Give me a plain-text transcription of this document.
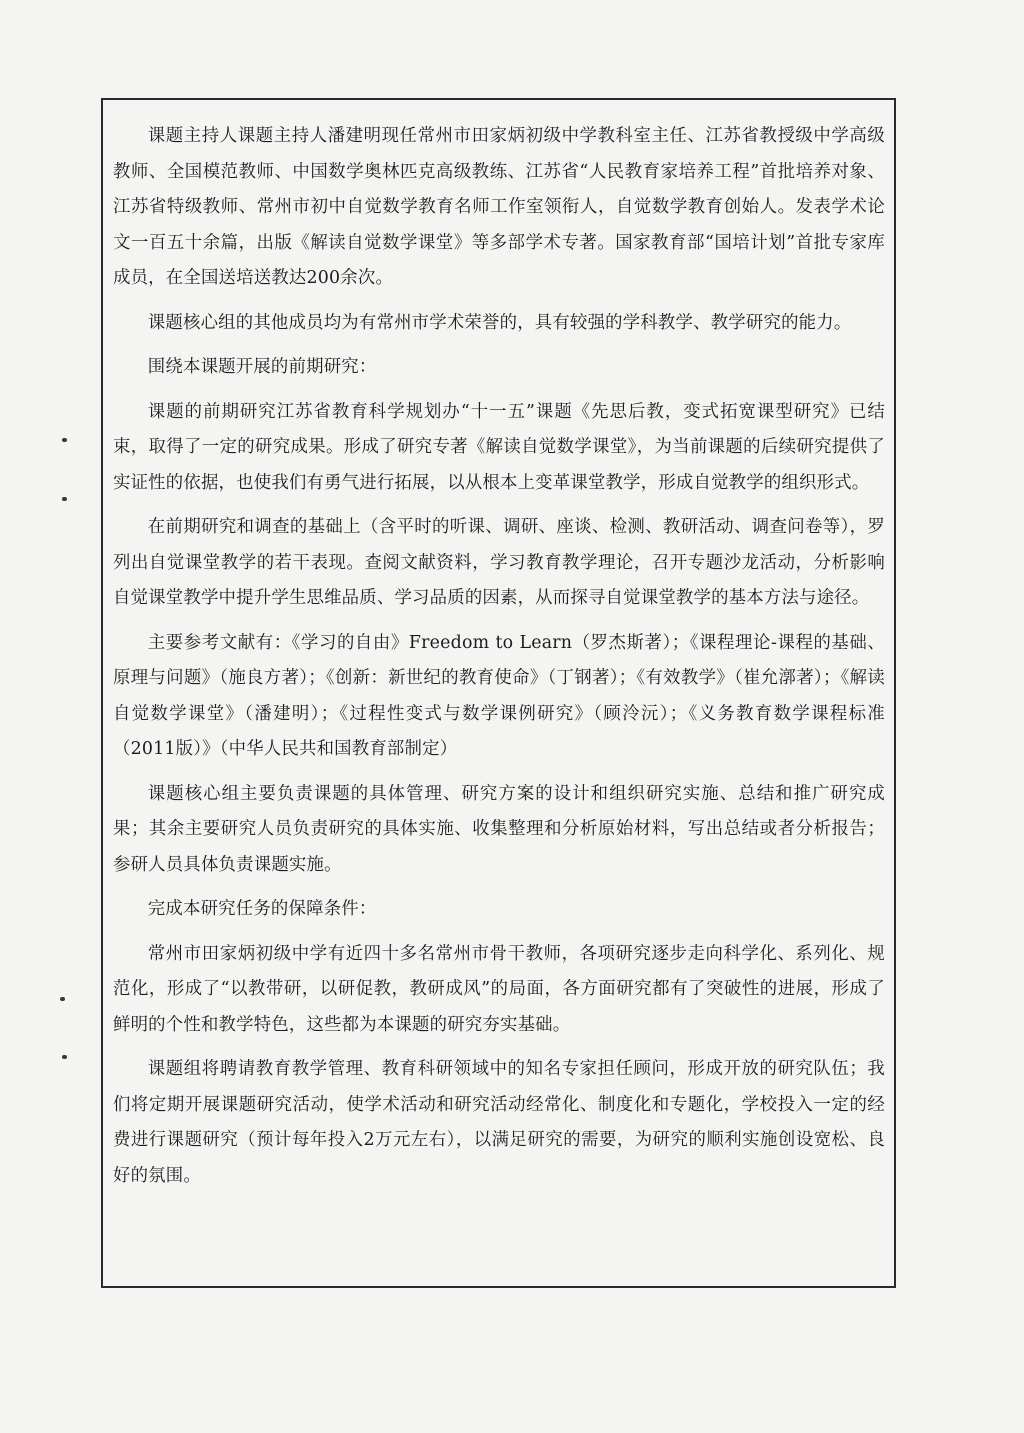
课题主持人课题主持人潘建明现任常州市田家炳初级中学教科室主任、江苏省教授级中学高级教师、全国模范教师、中国数学奥林匹克高级教练、江苏省“人民教育家培养工程”首批培养对象、江苏省特级教师、常州市初中自觉数学教育名师工作室领衔人，自觉数学教育创始人。发表学术论文一百五十余篇，出版《解读自觉数学课堂》等多部学术专著。国家教育部“国培计划”首批专家库成员，在全国送培送教达200余次。

课题核心组的其他成员均为有常州市学术荣誉的，具有较强的学科教学、教学研究的能力。

围绕本课题开展的前期研究：

课题的前期研究江苏省教育科学规划办“十一五”课题《先思后教，变式拓宽课型研究》已结束，取得了一定的研究成果。形成了研究专著《解读自觉数学课堂》，为当前课题的后续研究提供了实证性的依据，也使我们有勇气进行拓展，以从根本上变革课堂教学，形成自觉教学的组织形式。

在前期研究和调查的基础上（含平时的听课、调研、座谈、检测、教研活动、调查问卷等），罗列出自觉课堂教学的若干表现。查阅文献资料，学习教育教学理论，召开专题沙龙活动，分析影响自觉课堂教学中提升学生思维品质、学习品质的因素，从而探寻自觉课堂教学的基本方法与途径。

主要参考文献有：《学习的自由》Freedom to Learn（罗杰斯著）；《课程理论-课程的基础、原理与问题》（施良方著）；《创新：新世纪的教育使命》（丁钢著）；《有效教学》（崔允漷著）；《解读自觉数学课堂》（潘建明）；《过程性变式与数学课例研究》（顾泠沅）；《义务教育数学课程标准（2011版）》（中华人民共和国教育部制定）

课题核心组主要负责课题的具体管理、研究方案的设计和组织研究实施、总结和推广研究成果；其余主要研究人员负责研究的具体实施、收集整理和分析原始材料，写出总结或者分析报告；参研人员具体负责课题实施。

完成本研究任务的保障条件：

常州市田家炳初级中学有近四十多名常州市骨干教师，各项研究逐步走向科学化、系列化、规范化，形成了“以教带研，以研促教，教研成风”的局面，各方面研究都有了突破性的进展，形成了鲜明的个性和教学特色，这些都为本课题的研究夯实基础。

课题组将聘请教育教学管理、教育科研领域中的知名专家担任顾问，形成开放的研究队伍；我们将定期开展课题研究活动，使学术活动和研究活动经常化、制度化和专题化，学校投入一定的经费进行课题研究（预计每年投入2万元左右），以满足研究的需要，为研究的顺利实施创设宽松、良好的氛围。
